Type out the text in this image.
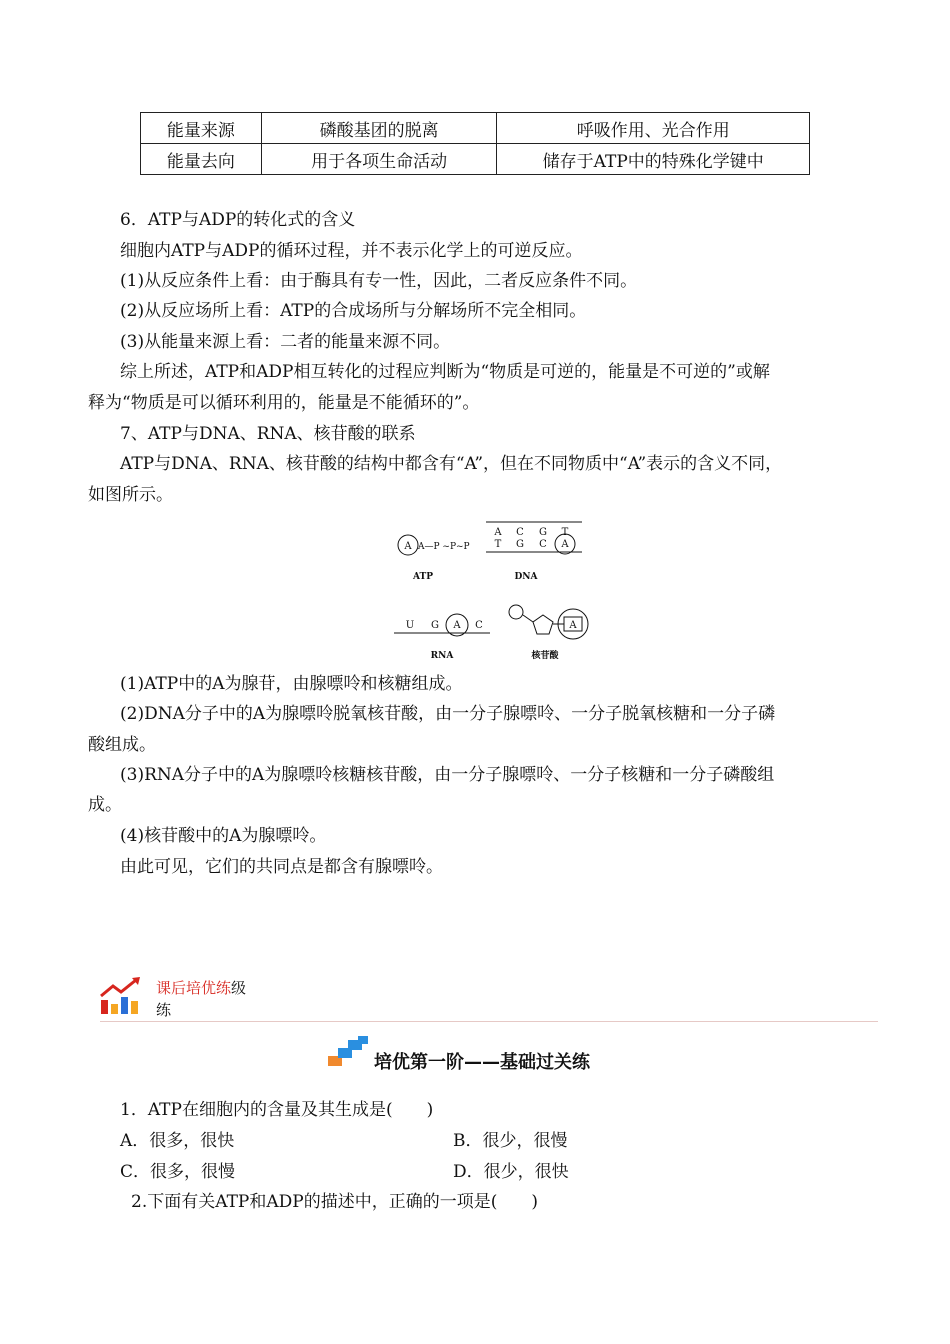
能量来源	磷酸基团的脱离	呼吸作用、光合作用
能量去向	用于各项生命活动	储存于ATP中的特殊化学键中
6．ATP与ADP的转化式的含义
细胞内ATP与ADP的循环过程，并不表示化学上的可逆反应。
(1)从反应条件上看：由于酶具有专一性，因此，二者反应条件不同。
(2)从反应场所上看：ATP的合成场所与分解场所不完全相同。
(3)从能量来源上看：二者的能量来源不同。
综上所述，ATP和ADP相互转化的过程应判断为“物质是可逆的，能量是不可逆的”或解
释为“物质是可以循环利用的，能量是不能循环的”。
7、ATP与DNA、RNA、核苷酸的联系
ATP与DNA、RNA、核苷酸的结构中都含有“A”，但在不同物质中“A”表示的含义不同，
如图所示。
A A—P ~P~P
ATP
A C G T
T G C A
DNA
U G A C
RNA
A
核苷酸
(1)ATP中的A为腺苷，由腺嘌呤和核糖组成。
(2)DNA分子中的A为腺嘌呤脱氧核苷酸，由一分子腺嘌呤、一分子脱氧核糖和一分子磷
酸组成。
(3)RNA分子中的A为腺嘌呤核糖核苷酸，由一分子腺嘌呤、一分子核糖和一分子磷酸组
成。
(4)核苷酸中的A为腺嘌呤。
由此可见，它们的共同点是都含有腺嘌呤。
课后培优练级
练
培优第一阶——基础过关练
1．ATP在细胞内的含量及其生成是(　　)
A．很多，很快	B．很少，很慢
C．很多，很慢	D．很少，很快
2.下面有关ATP和ADP的描述中，正确的一项是(　　)
